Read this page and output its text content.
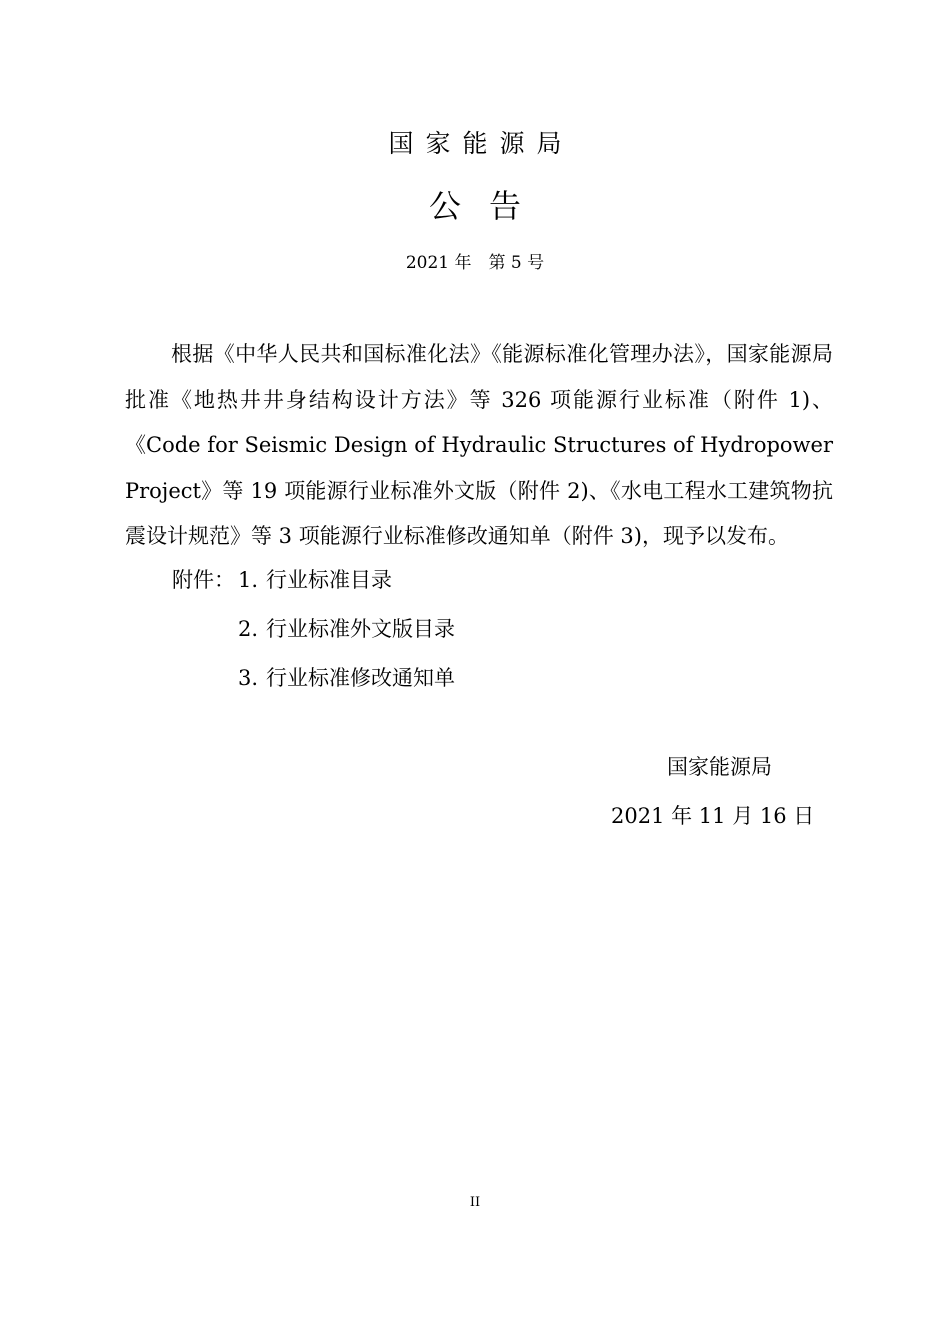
国家能源局
公告
2021 年　第 5 号

根据《中华人民共和国标准化法》《能源标准化管理办法》，国家能源局批准《地热井井身结构设计方法》等 326 项能源行业标准（附件 1)、《Code for Seismic Design of Hydraulic Structures of Hydropower Project》等 19 项能源行业标准外文版（附件 2)、《水电工程水工建筑物抗震设计规范》等 3 项能源行业标准修改通知单（附件 3)，现予以发布。

附件： 1. 行业标准目录
2. 行业标准外文版目录
3. 行业标准修改通知单
国家能源局
2021 年 11 月 16 日
II
